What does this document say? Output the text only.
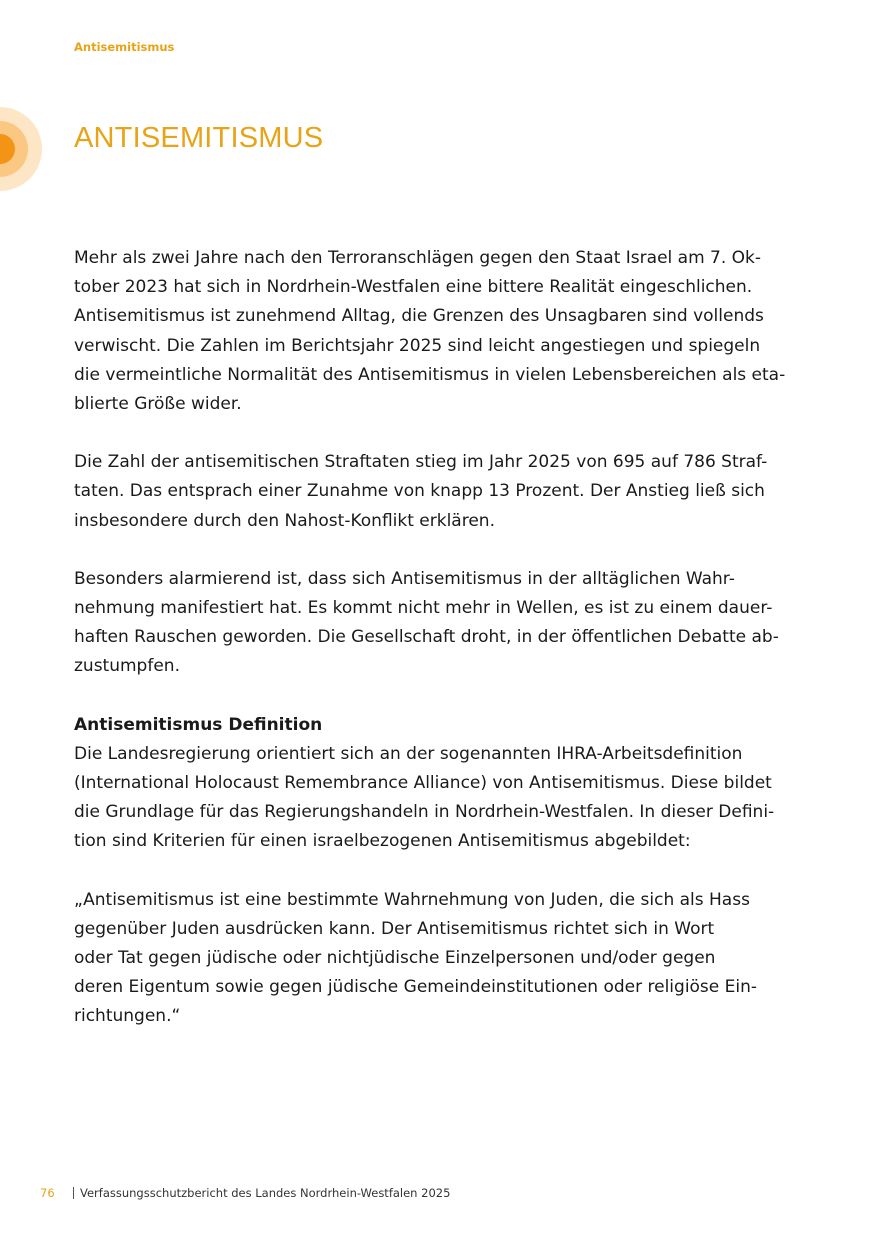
Antisemitismus
ANTISEMITISMUS

Mehr als zwei Jahre nach den Terroranschlägen gegen den Staat Israel am 7. Ok-
tober 2023 hat sich in Nordrhein-Westfalen eine bittere Realität eingeschlichen.
Antisemitismus ist zunehmend Alltag, die Grenzen des Unsagbaren sind vollends
verwischt. Die Zahlen im Berichtsjahr 2025 sind leicht angestiegen und spiegeln
die vermeintliche Normalität des Antisemitismus in vielen Lebensbereichen als eta-
blierte Größe wider.

Die Zahl der antisemitischen Straftaten stieg im Jahr 2025 von 695 auf 786 Straf-
taten. Das entsprach einer Zunahme von knapp 13 Prozent. Der Anstieg ließ sich
insbesondere durch den Nahost-Konflikt erklären.

Besonders alarmierend ist, dass sich Antisemitismus in der alltäglichen Wahr-
nehmung manifestiert hat. Es kommt nicht mehr in Wellen, es ist zu einem dauer-
haften Rauschen geworden. Die Gesellschaft droht, in der öffentlichen Debatte ab-
zustumpfen.

Antisemitismus Definition

Die Landesregierung orientiert sich an der sogenannten IHRA-Arbeitsdefinition
(International Holocaust Remembrance Alliance) von Antisemitismus. Diese bildet
die Grundlage für das Regierungshandeln in Nordrhein-Westfalen. In dieser Defini-
tion sind Kriterien für einen israelbezogenen Antisemitismus abgebildet:

„Antisemitismus ist eine bestimmte Wahrnehmung von Juden, die sich als Hass
gegenüber Juden ausdrücken kann. Der Antisemitismus richtet sich in Wort
oder Tat gegen jüdische oder nichtjüdische Einzelpersonen und/oder gegen
deren Eigentum sowie gegen jüdische Gemeindeinstitutionen oder religiöse Ein-
richtungen.“

76	Verfassungsschutzbericht des Landes Nordrhein-Westfalen 2025
